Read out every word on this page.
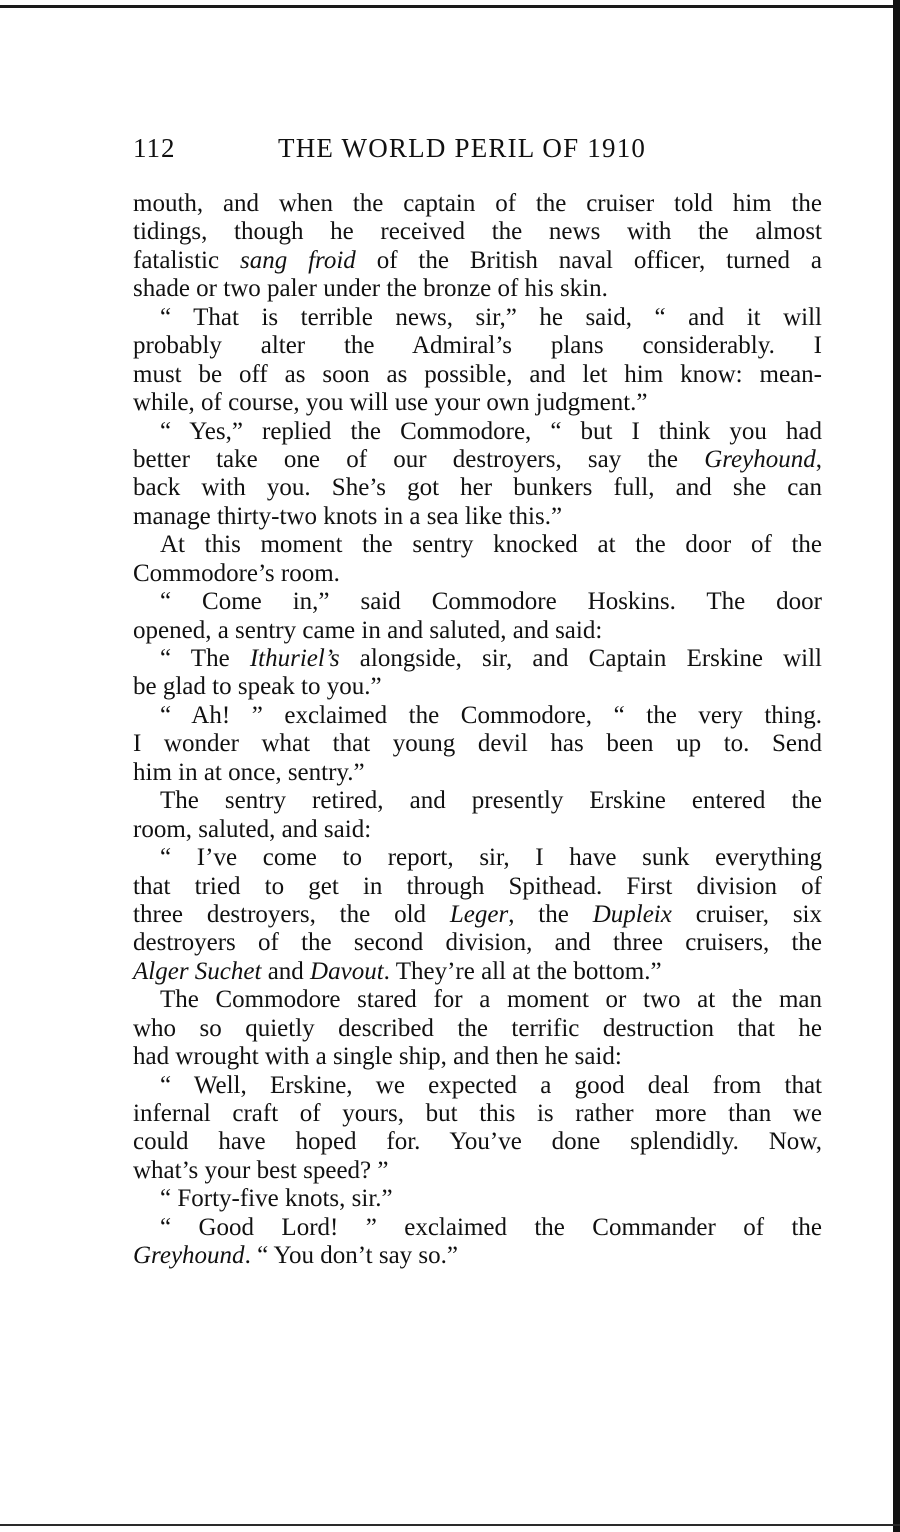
112	THE WORLD PERIL OF 1910
mouth, and when the captain of the cruiser told him the
tidings, though he received the news with the almost
fatalistic sang froid of the British naval officer, turned a
shade or two paler under the bronze of his skin.
“ That is terrible news, sir,” he said, “ and it will
probably alter the Admiral’s plans considerably. I
must be off as soon as possible, and let him know: mean-
while, of course, you will use your own judgment.”
“ Yes,” replied the Commodore, “ but I think you had
better take one of our destroyers, say the Greyhound,
back with you. She’s got her bunkers full, and she can
manage thirty-two knots in a sea like this.”
At this moment the sentry knocked at the door of the
Commodore’s room.
“ Come in,” said Commodore Hoskins. The door
opened, a sentry came in and saluted, and said:
“ The Ithuriel’s alongside, sir, and Captain Erskine will
be glad to speak to you.”
“ Ah! ” exclaimed the Commodore, “ the very thing.
I wonder what that young devil has been up to. Send
him in at once, sentry.”
The sentry retired, and presently Erskine entered the
room, saluted, and said:
“ I’ve come to report, sir, I have sunk everything
that tried to get in through Spithead. First division of
three destroyers, the old Leger, the Dupleix cruiser, six
destroyers of the second division, and three cruisers, the
Alger Suchet and Davout. They’re all at the bottom.”
The Commodore stared for a moment or two at the man
who so quietly described the terrific destruction that he
had wrought with a single ship, and then he said:
“ Well, Erskine, we expected a good deal from that
infernal craft of yours, but this is rather more than we
could have hoped for. You’ve done splendidly. Now,
what’s your best speed? ”
“ Forty-five knots, sir.”
“ Good Lord! ” exclaimed the Commander of the
Greyhound. “ You don’t say so.”
